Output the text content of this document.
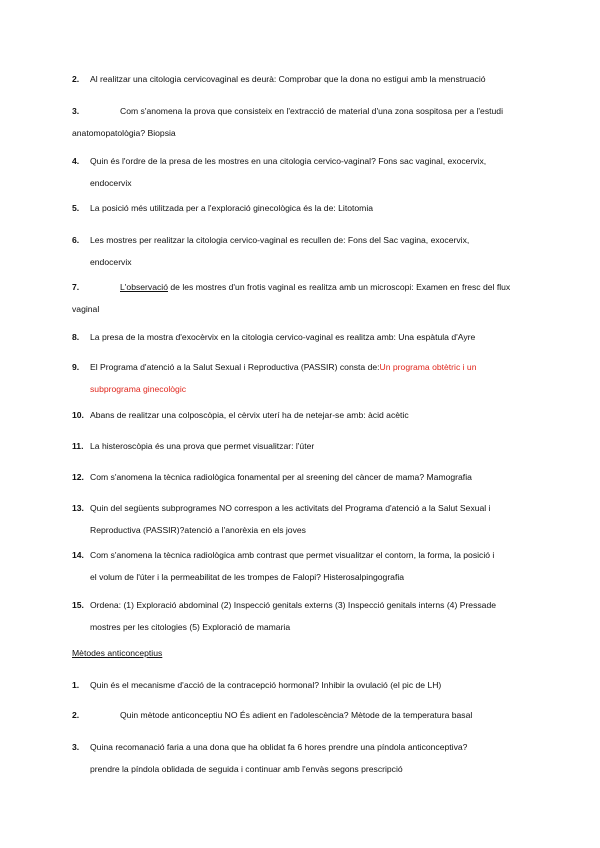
2. Al realitzar una citologia cervicovaginal es deurà: Comprobar que la dona no estigui amb la menstruació
3.	Com s'anomena la prova que consisteix en l'extracció de material d'una zona sospitosa per a l'estudi
anatomopatològia? Biopsia
4. Quin és l'ordre de la presa de les mostres en una citologia cervico-vaginal? Fons sac vaginal, exocervix,
endocervix
5. La posició més utilitzada per a l'exploració ginecològica és la de: Litotomia
6. Les mostres per realitzar la citologia cervico-vaginal es recullen de: Fons del Sac vagina, exocervix,
endocervix
7.	L'observació de les mostres d'un frotis vaginal es realitza amb un microscopi: Examen en fresc del flux
vaginal
8. La presa de la mostra d'exocèrvix en la citologia cervico-vaginal es realitza amb: Una espàtula d'Ayre
9. El Programa d'atenció a la Salut Sexual i Reproductiva (PASSIR) consta de:Un programa obtètric i un
subprograma ginecològic
10. Abans de realitzar una colposcòpia, el cèrvix uterí ha de netejar-se amb: àcid acètic
11. La histeroscòpia és una prova que permet visualitzar: l'úter
12. Com s'anomena la tècnica radiològica fonamental per al sreening del càncer de mama? Mamografia
13. Quin del següents subprogrames NO correspon a les activitats del Programa d'atenció a la Salut Sexual i
Reproductiva (PASSIR)?atenció a l'anorèxia en els joves
14. Com s'anomena la tècnica radiològica amb contrast que permet visualitzar el contorn, la forma, la posició i
el volum de l'úter i la permeabilitat de les trompes de Falopi? Histerosalpingografia
15. Ordena: (1) Exploració abdominal (2) Inspecció genitals externs (3) Inspecció genitals interns (4) Pressade
mostres per les citologies (5) Exploració de mamaria
Mètodes anticonceptius
1. Quin és el mecanisme d'acció de la contracepció hormonal? Inhibir la ovulació (el pic de LH)
2.	Quin mètode anticonceptiu NO És adient en l'adolescència? Mètode de la temperatura basal
3. Quina recomanació faria a una dona que ha oblidat fa 6 hores prendre una píndola anticonceptiva?
prendre la píndola oblidada de seguida i continuar amb l'envàs segons prescripció
